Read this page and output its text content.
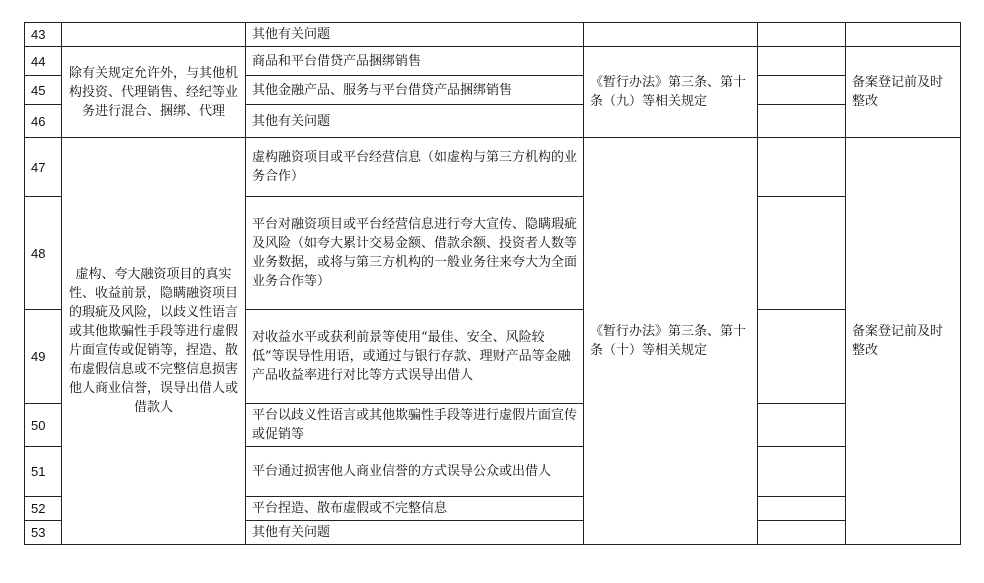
43		其他有关问题			
44	除有关规定允许外，与其他机构投资、代理销售、经纪等业务进行混合、捆绑、代理	商品和平台借贷产品捆绑销售	《暂行办法》第三条、第十条（九）等相关规定		备案登记前及时整改
45		其他金融产品、服务与平台借贷产品捆绑销售			
46		其他有关问题			
47	虚构、夸大融资项目的真实性、收益前景，隐瞒融资项目的瑕疵及风险，以歧义性语言或其他欺骗性手段等进行虚假片面宣传或促销等，捏造、散布虚假信息或不完整信息损害他人商业信誉，误导出借人或借款人	虚构融资项目或平台经营信息（如虚构与第三方机构的业务合作）	《暂行办法》第三条、第十条（十）等相关规定		备案登记前及时整改
48		平台对融资项目或平台经营信息进行夸大宣传、隐瞒瑕疵及风险（如夸大累计交易金额、借款余额、投资者人数等业务数据，或将与第三方机构的一般业务往来夸大为全面业务合作等）			
49		对收益水平或获利前景等使用“最佳、安全、风险较低”等误导性用语，或通过与银行存款、理财产品等金融产品收益率进行对比等方式误导出借人			
50		平台以歧义性语言或其他欺骗性手段等进行虚假片面宣传或促销等			
51		平台通过损害他人商业信誉的方式误导公众或出借人			
52		平台捏造、散布虚假或不完整信息			
53		其他有关问题			
